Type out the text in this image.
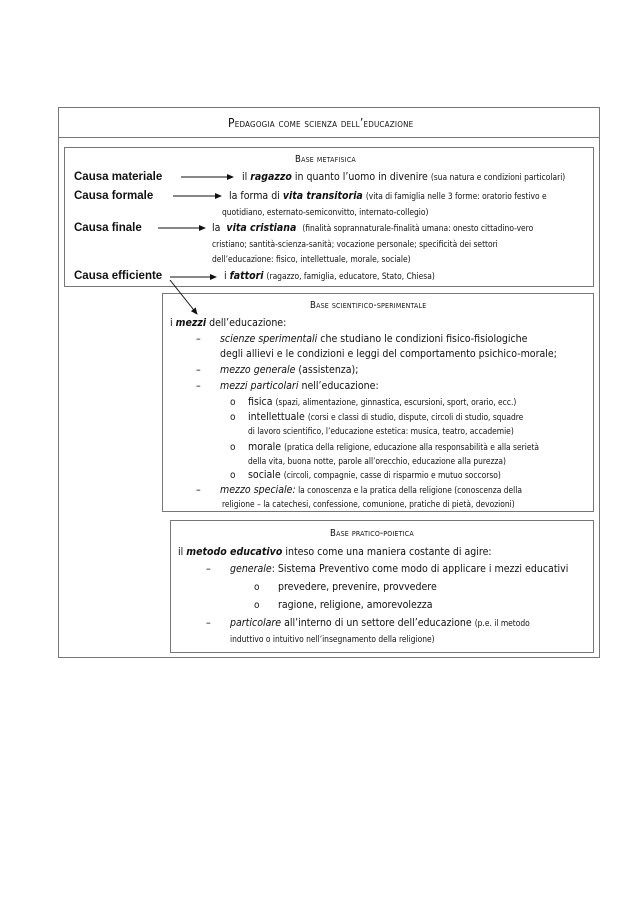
Pedagogia come scienza dell’educazione
Base metafisica
Causa materiale	il ragazzo in quanto l’uomo in divenire (sua natura e condizioni particolari)
Causa formale	la forma di vita transitoria (vita di famiglia nelle 3 forme: oratorio festivo e
quotidiano, esternato-semiconvitto, internato-collegio)
Causa finale	la vita cristiana (finalità soprannaturale-finalità umana: onesto cittadino-vero
cristiano; santità-scienza-sanità; vocazione personale; specificità dei settori
dell’educazione: fisico, intellettuale, morale, sociale)
Causa efficiente	i fattori (ragazzo, famiglia, educatore, Stato, Chiesa)
Base scientifico-sperimentale
i mezzi dell’educazione:
– scienze sperimentali che studiano le condizioni fisico-fisiologiche
degli allievi e le condizioni e leggi del comportamento psichico-morale;
– mezzo generale (assistenza);
– mezzi particolari nell’educazione:
o fisica (spazi, alimentazione, ginnastica, escursioni, sport, orario, ecc.)
o intellettuale (corsi e classi di studio, dispute, circoli di studio, squadre
di lavoro scientifico, l’educazione estetica: musica, teatro, accademie)
o morale (pratica della religione, educazione alla responsabilità e alla serietà
della vita, buona notte, parole all’orecchio, educazione alla purezza)
o sociale (circoli, compagnie, casse di risparmio e mutuo soccorso)
– mezzo speciale: la conoscenza e la pratica della religione (conoscenza della
religione – la catechesi, confessione, comunione, pratiche di pietà, devozioni)
Base pratico-poietica
il metodo educativo inteso come una maniera costante di agire:
– generale: Sistema Preventivo come modo di applicare i mezzi educativi
o prevedere, prevenire, provvedere
o ragione, religione, amorevolezza
– particolare all’interno di un settore dell’educazione (p.e. il metodo
induttivo o intuitivo nell’insegnamento della religione)
